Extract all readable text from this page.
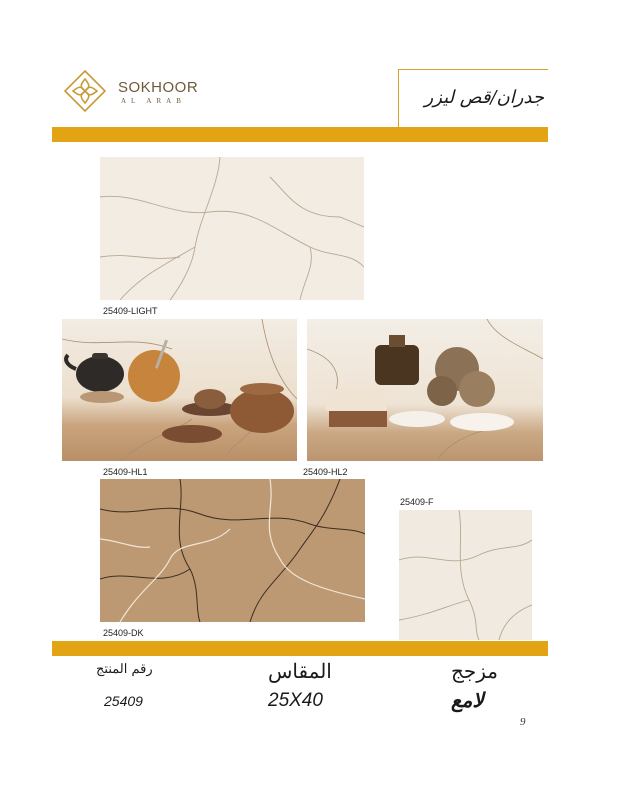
SOKHOOR
AL ARAB	جدران/قص ليزر
25409-LIGHT
25409-HL1	25409-HL2
25409-F
25409-DK
رقم المنتج	المقاس	مزجج
25409	25X40	لامع
9
